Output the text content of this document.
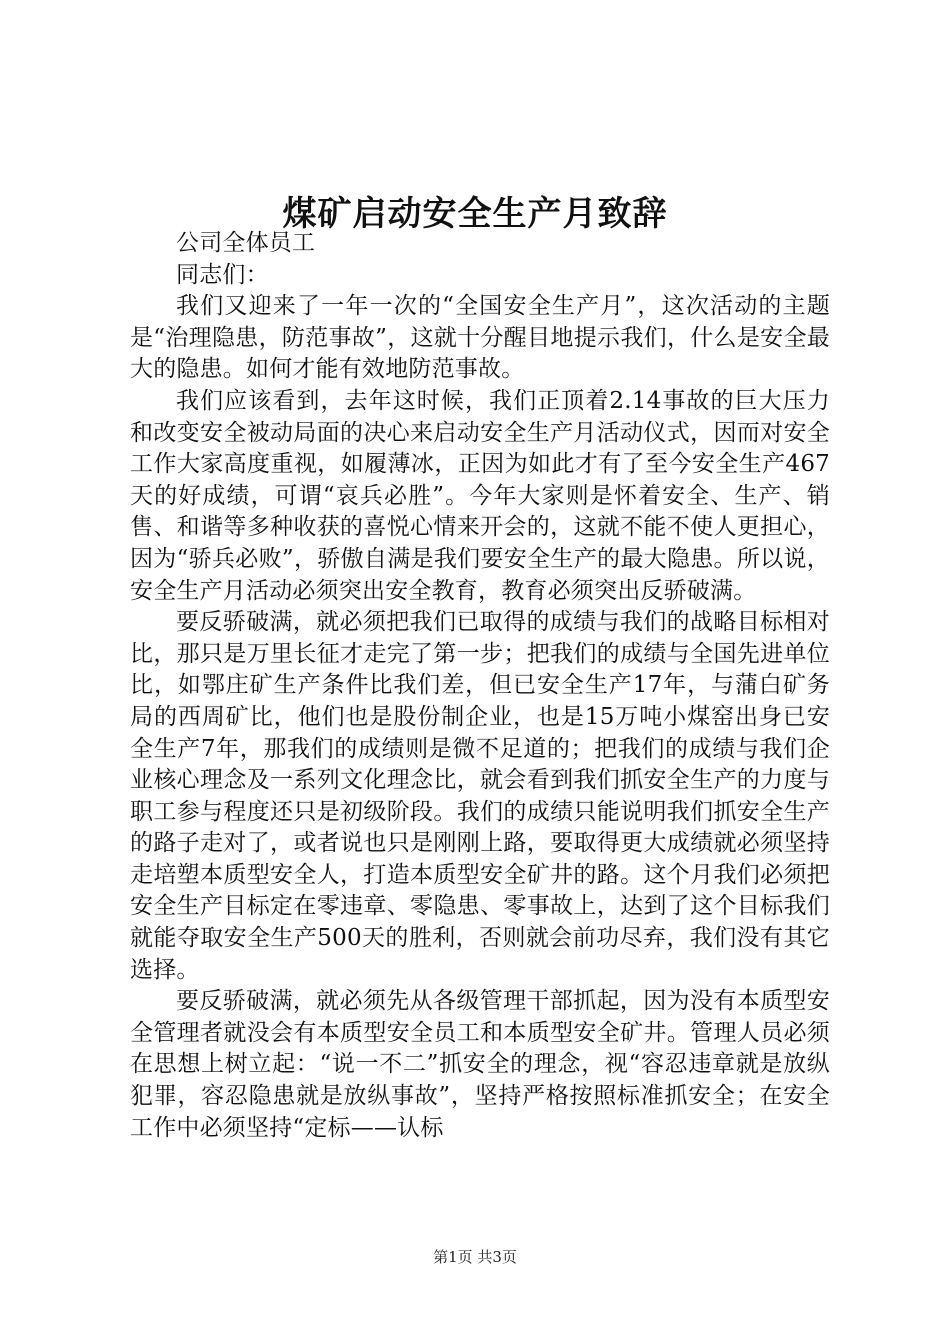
煤矿启动安全生产月致辞

公司全体员工

同志们：

我们又迎来了一年一次的“全国安全生产月”，这次活动的主题是“治理隐患，防范事故”，这就十分醒目地提示我们，什么是安全最大的隐患。如何才能有效地防范事故。

我们应该看到，去年这时候，我们正顶着2.14事故的巨大压力和改变安全被动局面的决心来启动安全生产月活动仪式，因而对安全工作大家高度重视，如履薄冰，正因为如此才有了至今安全生产467天的好成绩，可谓“哀兵必胜”。今年大家则是怀着安全、生产、销售、和谐等多种收获的喜悦心情来开会的，这就不能不使人更担心，因为“骄兵必败”，骄傲自满是我们要安全生产的最大隐患。所以说，安全生产月活动必须突出安全教育，教育必须突出反骄破满。

要反骄破满，就必须把我们已取得的成绩与我们的战略目标相对比，那只是万里长征才走完了第一步；把我们的成绩与全国先进单位比，如鄂庄矿生产条件比我们差，但已安全生产17年，与蒲白矿务局的西周矿比，他们也是股份制企业，也是15万吨小煤窑出身已安全生产7年，那我们的成绩则是微不足道的；把我们的成绩与我们企业核心理念及一系列文化理念比，就会看到我们抓安全生产的力度与职工参与程度还只是初级阶段。我们的成绩只能说明我们抓安全生产的路子走对了，或者说也只是刚刚上路，要取得更大成绩就必须坚持走培塑本质型安全人，打造本质型安全矿井的路。这个月我们必须把安全生产目标定在零违章、零隐患、零事故上，达到了这个目标我们就能夺取安全生产500天的胜利，否则就会前功尽弃，我们没有其它选择。

要反骄破满，就必须先从各级管理干部抓起，因为没有本质型安全管理者就没会有本质型安全员工和本质型安全矿井。管理人员必须在思想上树立起：“说一不二”抓安全的理念，视“容忍违章就是放纵犯罪，容忍隐患就是放纵事故”，坚持严格按照标准抓安全；在安全工作中必须坚持“定标——认标

第1页 共3页
